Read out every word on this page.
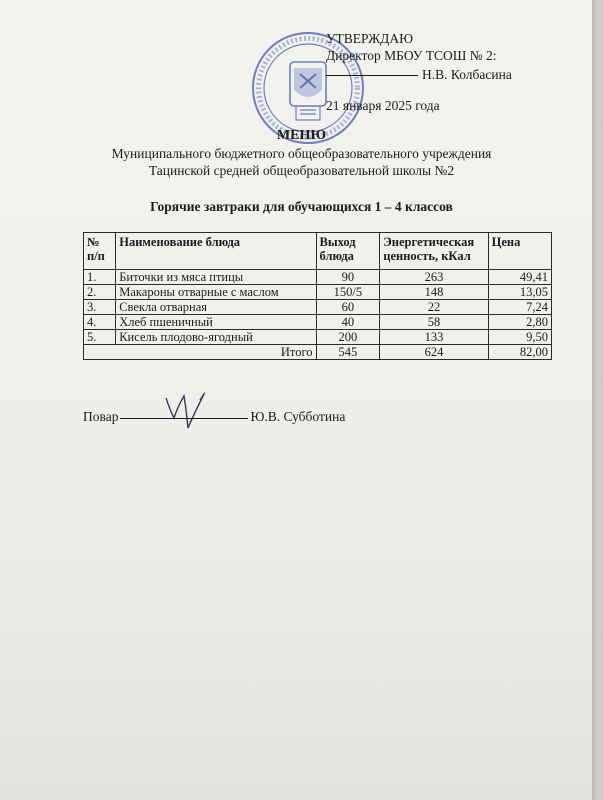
УТВЕРЖДАЮ
Директор МБОУ ТСОШ № 2:
Н.В. Колбасина
21 января 2025 года
МЕНЮ
Муниципального бюджетного общеобразовательного учреждения
Тацинской средней общеобразовательной школы №2
Горячие завтраки для обучающихся 1 – 4 классов
№ п/п	Наименование блюда	Выход блюда	Энергетическая ценность, кКал	Цена
1.	Биточки из мяса птицы	90	263	49,41
2.	Макароны отварные с маслом	150/5	148	13,05
3.	Свекла отварная	60	22	7,24
4.	Хлеб пшеничный	40	58	2,80
5.	Кисель плодово-ягодный	200	133	9,50
Итого		545	624	82,00
Повар	Ю.В. Субботина
